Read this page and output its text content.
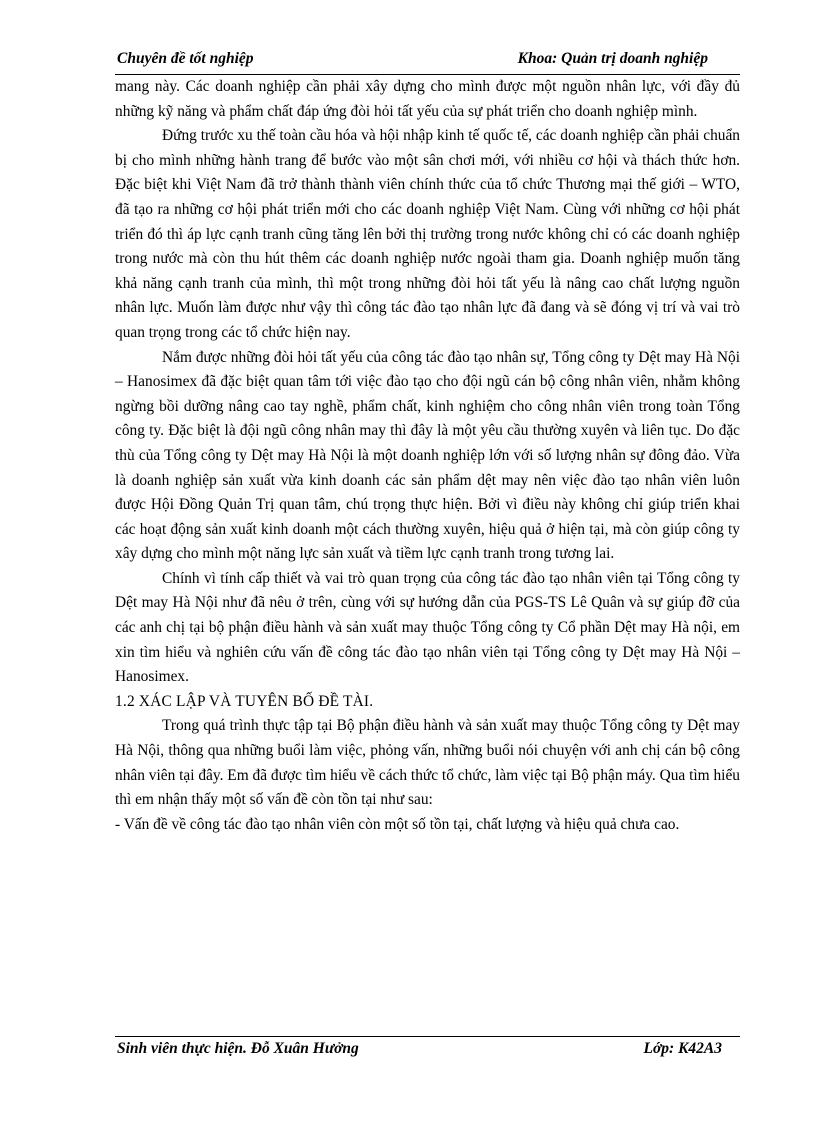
Chuyên đề tốt nghiệp	Khoa: Quản trị doanh nghiệp

mang này. Các doanh nghiệp cần phải xây dựng cho mình được một nguồn nhân lực, với đầy đủ những kỹ năng và phẩm chất đáp ứng đòi hỏi tất yếu của sự phát triển cho doanh nghiệp mình.

Đứng trước xu thế toàn cầu hóa và hội nhập kinh tế quốc tế, các doanh nghiệp cần phải chuẩn bị cho mình những hành trang để bước vào một sân chơi mới, với nhiều cơ hội và thách thức hơn. Đặc biệt khi Việt Nam đã trở thành thành viên chính thức của tổ chức Thương mại thế giới – WTO, đã tạo ra những cơ hội phát triển mới cho các doanh nghiệp Việt Nam. Cùng với những cơ hội phát triển đó thì áp lực cạnh tranh cũng tăng lên bởi thị trường trong nước không chỉ có các doanh nghiệp trong nước mà còn thu hút thêm các doanh nghiệp nước ngoài tham gia. Doanh nghiệp muốn tăng khả năng cạnh tranh của mình, thì một trong những đòi hỏi tất yếu là nâng cao chất lượng nguồn nhân lực. Muốn làm được như vậy thì công tác đào tạo nhân lực đã đang và sẽ đóng vị trí và vai trò quan trọng trong các tổ chức hiện nay.

Nắm được những đòi hỏi tất yếu của công tác đào tạo nhân sự, Tổng công ty Dệt may Hà Nội – Hanosimex đã đặc biệt quan tâm tới việc đào tạo cho đội ngũ cán bộ công nhân viên, nhằm không ngừng bồi dưỡng nâng cao tay nghề, phẩm chất, kinh nghiệm cho công nhân viên trong toàn Tổng công ty. Đặc biệt là đội ngũ công nhân may thì đây là một yêu cầu thường xuyên và liên tục. Do đặc thù của Tổng công ty Dệt may Hà Nội là một doanh nghiệp lớn với số lượng nhân sự đông đảo. Vừa là doanh nghiệp sản xuất vừa kinh doanh các sản phẩm dệt may nên việc đào tạo nhân viên luôn được Hội Đồng Quản Trị quan tâm, chú trọng thực hiện. Bởi vì điều này không chỉ giúp triển khai các hoạt động sản xuất kinh doanh một cách thường xuyên, hiệu quả ở hiện tại, mà còn giúp công ty xây dựng cho mình một năng lực sản xuất và tiềm lực cạnh tranh trong tương lai.

Chính vì tính cấp thiết và vai trò quan trọng của công tác đào tạo nhân viên tại Tổng công ty Dệt may Hà Nội như đã nêu ở trên, cùng với sự hướng dẫn của PGS-TS Lê Quân và sự giúp đỡ của các anh chị tại bộ phận điều hành và sản xuất may thuộc Tổng công ty Cổ phần Dệt may Hà nội, em xin tìm hiểu và nghiên cứu vấn đề công tác đào tạo nhân viên tại Tổng công ty Dệt may Hà Nội – Hanosimex.

1.2 XÁC LẬP VÀ TUYÊN BỐ ĐỀ TÀI.

Trong quá trình thực tập tại Bộ phận điều hành và sản xuất may thuộc Tổng công ty Dệt may Hà Nội, thông qua những buổi làm việc, phỏng vấn, những buổi nói chuyện với anh chị cán bộ công nhân viên tại đây. Em đã được tìm hiểu về cách thức tổ chức, làm việc tại Bộ phận máy. Qua tìm hiểu thì em nhận thấy một số vấn đề còn tồn tại như sau:

- Vấn đề về công tác đào tạo nhân viên còn một số tồn tại, chất lượng và hiệu quả chưa cao.

Sinh viên thực hiện. Đỗ Xuân Hưởng	Lớp: K42A3
